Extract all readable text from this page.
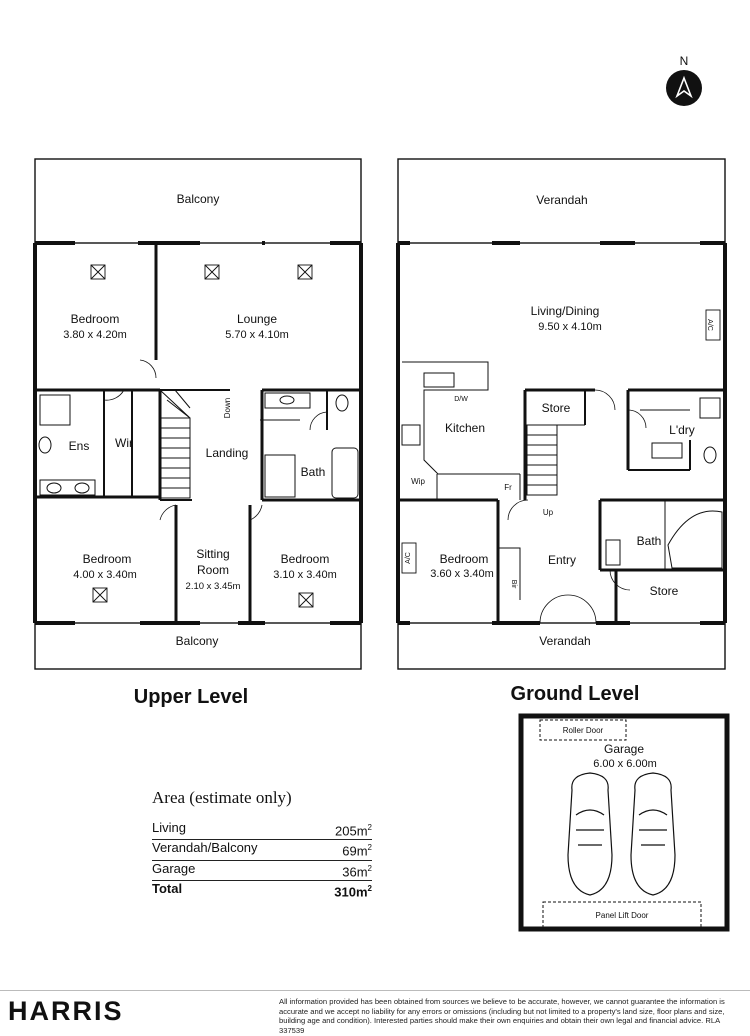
N
Balcony
Bedroom
3.80 x 4.20m
Lounge
5.70 x 4.10m
Ens Wir
Down
Landing
Bath
Bedroom
4.00 x 3.40m
Sitting
Room
2.10 x 3.45m
Bedroom
3.10 x 3.40m
Balcony
Upper Level
Verandah
Living/Dining
9.50 x 4.10m	A/C
D/W
Kitchen
Store
L'dry
Wip
Fr
Up
Bedroom
3.60 x 3.40m
A/C
Bir
Entry
Bath
Store
Verandah
Ground Level
Roller Door
Garage
6.00 x 6.00m
Panel Lift Door
Area (estimate only)
Living	$205m^2$
Verandah/Balcony	$69m^2$
Garage	$36m^2$
Total	$310m^2$
HARRIS	All information provided has been obtained from sources we believe to be accurate, however, we cannot guarantee the information is accurate and we accept no liability for any errors or omissions (including but not limited to a property's land size, floor plans and size, building age and condition). Interested parties should make their own enquiries and obtain their own legal and financial advice. RLA 337539
